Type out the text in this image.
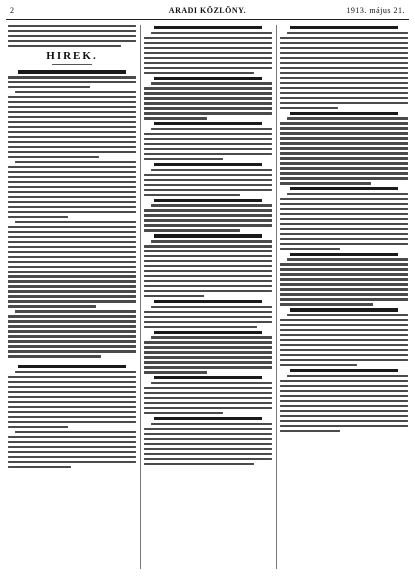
2	ARADI KÖZLÖNY.	1913. május 21.
HIREK.
